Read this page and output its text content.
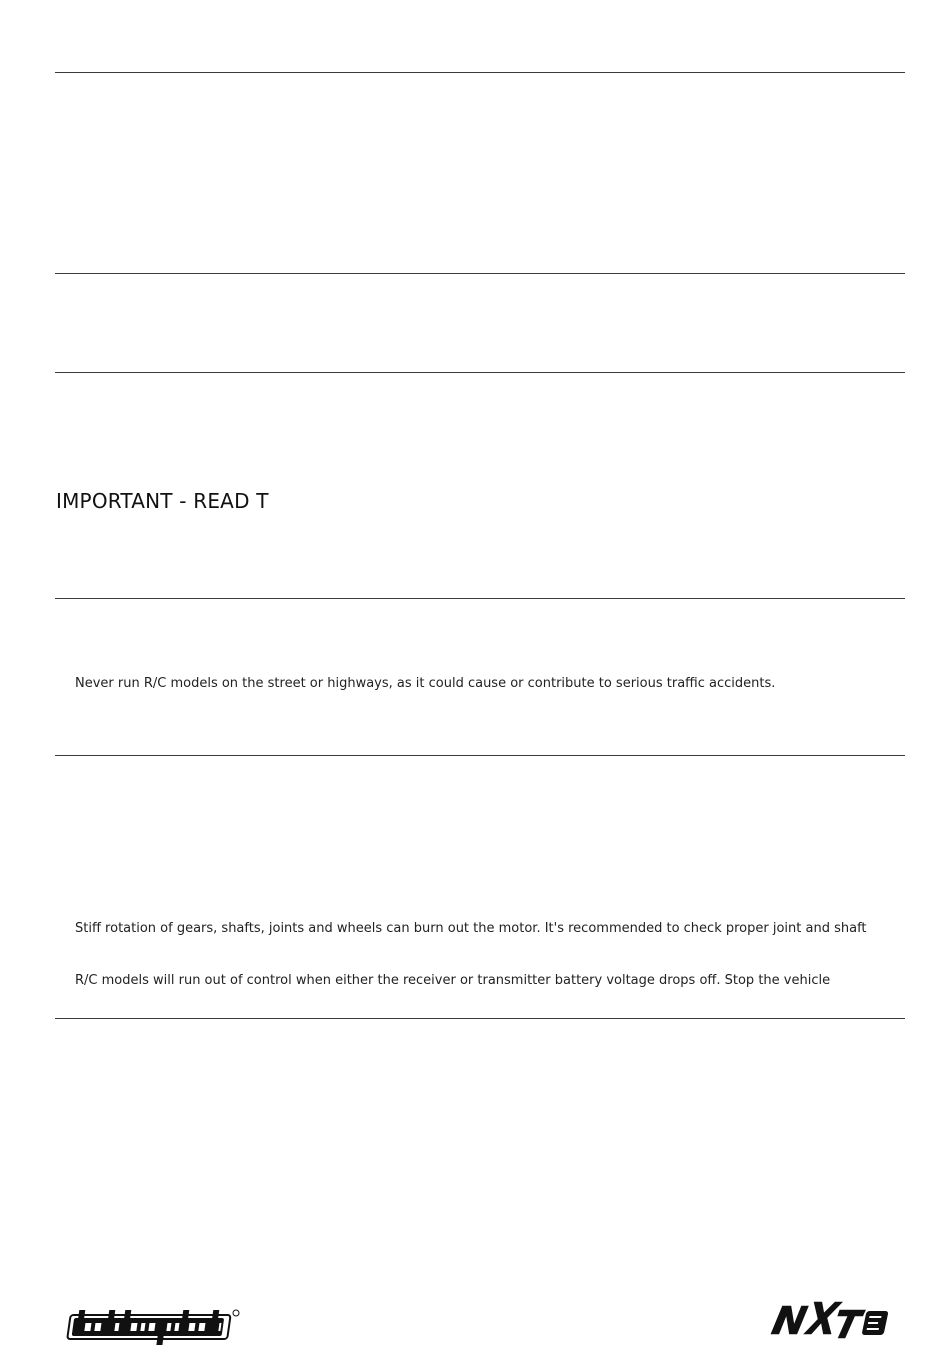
IMPORTANT - READ T

Never run R/C models on the street or highways, as it could cause or contribute to serious traffic accidents.

Stiff rotation of gears, shafts, joints and wheels can burn out the motor. It's recommended to check proper joint and shaft

R/C models will run out of control when either the receiver or transmitter battery voltage drops off. Stop the vehicle
